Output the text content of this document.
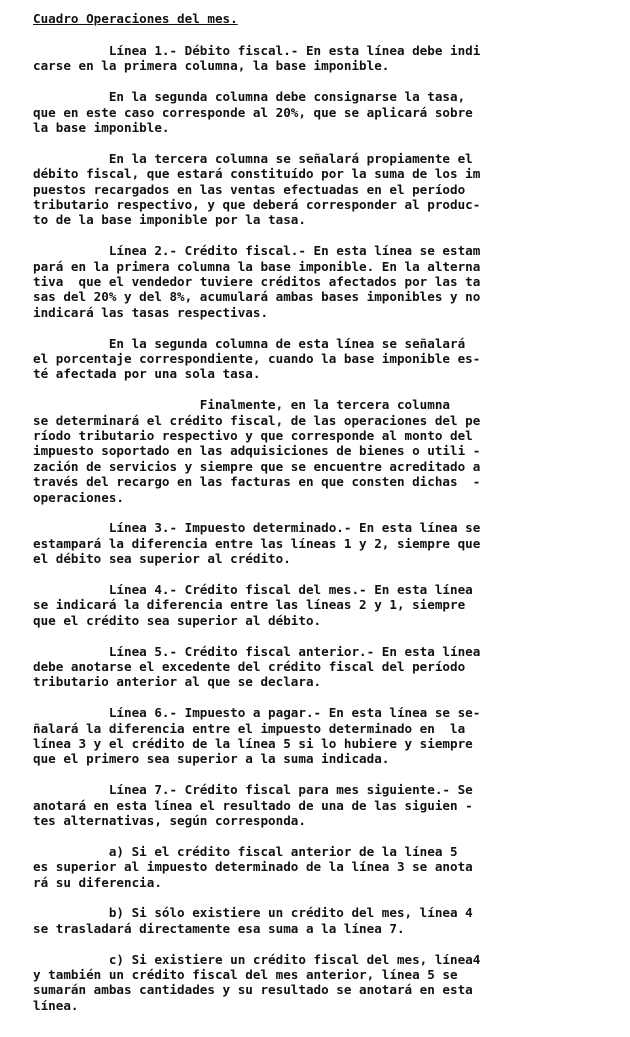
Cuadro Operaciones del mes.
Línea 1.- Débito fiscal.- En esta línea debe indi
carse en la primera columna, la base imponible.
En la segunda columna debe consignarse la tasa,
que en este caso corresponde al 20%, que se aplicará sobre
la base imponible.
En la tercera columna se señalará propiamente el
débito fiscal, que estará constituído por la suma de los im
puestos recargados en las ventas efectuadas en el período
tributario respectivo, y que deberá corresponder al produc-
to de la base imponible por la tasa.
Línea 2.- Crédito fiscal.- En esta línea se estam
pará en la primera columna la base imponible. En la alterna
tiva  que el vendedor tuviere créditos afectados por las ta
sas del 20% y del 8%, acumulará ambas bases imponibles y no
indicará las tasas respectivas.
En la segunda columna de esta línea se señalará
el porcentaje correspondiente, cuando la base imponible es-
té afectada por una sola tasa.
Finalmente, en la tercera columna
se determinará el crédito fiscal, de las operaciones del pe
ríodo tributario respectivo y que corresponde al monto del
impuesto soportado en las adquisiciones de bienes o utili -
zación de servicios y siempre que se encuentre acreditado a
través del recargo en las facturas en que consten dichas  -
operaciones.
Línea 3.- Impuesto determinado.- En esta línea se
estampará la diferencia entre las líneas 1 y 2, siempre que
el débito sea superior al crédito.
Línea 4.- Crédito fiscal del mes.- En esta línea
se indicará la diferencia entre las líneas 2 y 1, siempre
que el crédito sea superior al débito.
Línea 5.- Crédito fiscal anterior.- En esta línea
debe anotarse el excedente del crédito fiscal del período
tributario anterior al que se declara.
Línea 6.- Impuesto a pagar.- En esta línea se se-
ñalará la diferencia entre el impuesto determinado en  la
línea 3 y el crédito de la línea 5 si lo hubiere y siempre
que el primero sea superior a la suma indicada.
Línea 7.- Crédito fiscal para mes siguiente.- Se
anotará en esta línea el resultado de una de las siguien -
tes alternativas, según corresponda.
a) Si el crédito fiscal anterior de la línea 5
es superior al impuesto determinado de la línea 3 se anota
rá su diferencia.
b) Si sólo existiere un crédito del mes, línea 4
se trasladará directamente esa suma a la línea 7.
c) Si existiere un crédito fiscal del mes, línea4
y también un crédito fiscal del mes anterior, línea 5 se
sumarán ambas cantidades y su resultado se anotará en esta
línea.
